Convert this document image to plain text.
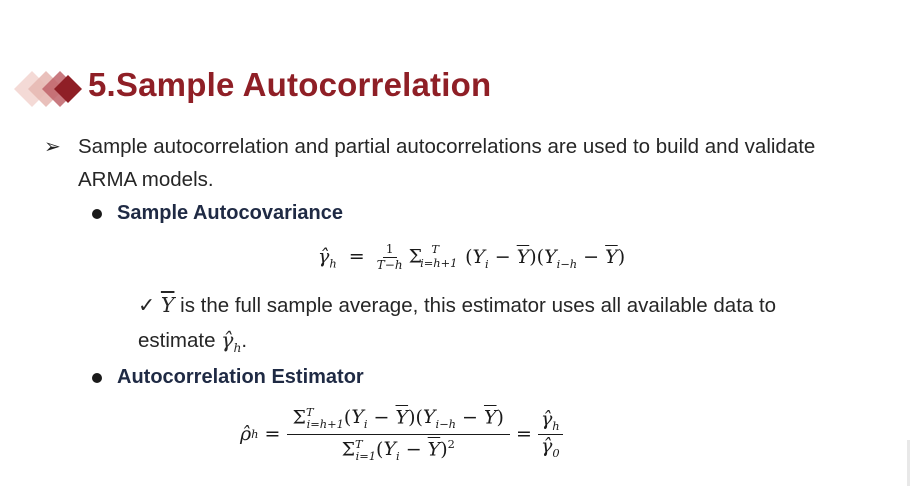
5.Sample Autocorrelation
➢ Sample autocorrelation and partial autocorrelations are used to build and validate ARMA models.
Sample Autocovariance
$\gammâ_h = \frac{1}{T-h} \Sigma_{i=h+1}^T$ $(Y_i - \overline{Y})(Y_{i-h} - \overline{Y})$
✓ $\overline{Y}$ is the full sample average, this estimator uses all available data to estimate $\gammâ_h$.
Autocorrelation Estimator
ρ̂ $h = \frac{\Sigma^T_{i=h+1}(Y_i - \overline{Y})(Y_{i-h} - \overline{Y})}{\Sigma^T_{i=1}(Y_i - \overline{Y})^2} = \frac{\gammâ_h}{\gammâ_0}$
